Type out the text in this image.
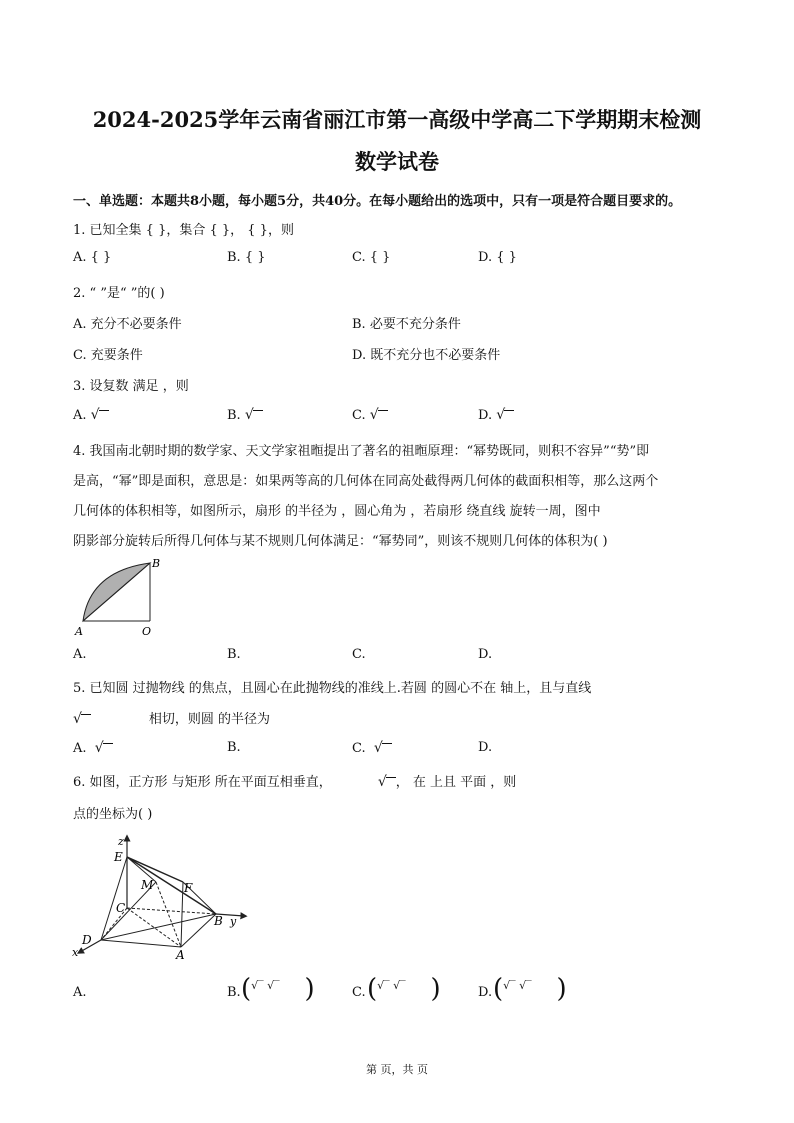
2024-2025学年云南省丽江市第一高级中学高二下学期期末检测
数学试卷
一、单选题：本题共8小题，每小题5分，共40分。在每小题给出的选项中，只有一项是符合题目要求的。
1. 已知全集 { }，集合 { }， { }，则
A. { }	B. { }	C. { }	D. { }
2. “ ”是“ ”的( )
A. 充分不必要条件	B. 必要不充分条件
C. 充要条件	D. 既不充分也不必要条件
3. 设复数 满足 ，则
A. √	B. √	C. √	D. √
4. 我国南北朝时期的数学家、天文学家祖暅提出了著名的祖暅原理：“幂势既同，则积不容异”“势”即
是高，“幂”即是面积，意思是：如果两等高的几何体在同高处截得两几何体的截面积相等，那么这两个
几何体的体积相等，如图所示，扇形 的半径为 ，圆心角为 ，若扇形 绕直线 旋转一周，图中
阴影部分旋转后所得几何体与某不规则几何体满足：“幂势同”，则该不规则几何体的体积为( )
B
A	O
A.	B.	C.	D.
5. 已知圆 过抛物线 的焦点，且圆心在此抛物线的准线上.若圆 的圆心不在 轴上，且与直线
√	相切，则圆 的半径为
A. √	B.	C. √	D.
6. 如图，正方形 与矩形 所在平面互相垂直，	√ ， 在 上且 平面 ，则
点的坐标为( )
z
E
M	F
C
B y
D
x	A
A.	B. (√‾ √‾   )	C. (√‾ √‾   )	D. (√‾ √‾   )
第 页，共 页
